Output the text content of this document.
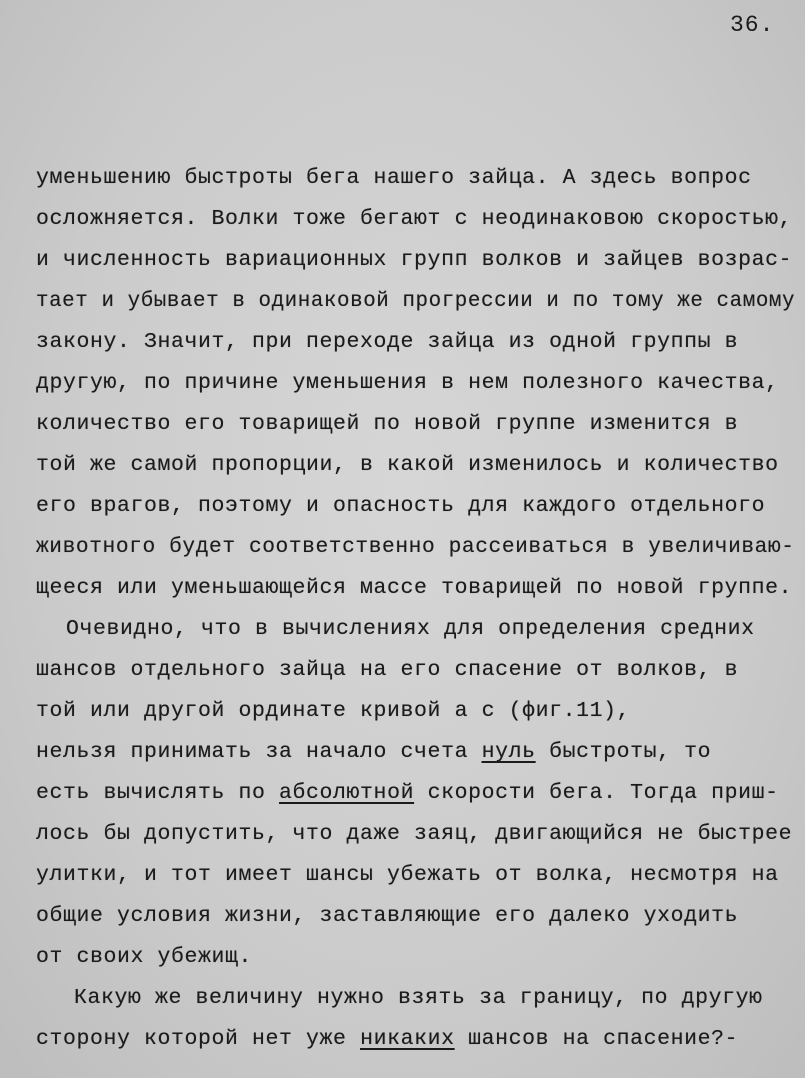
36.
уменьшению быстроты бега нашего зайца. А здесь вопрос
осложняется. Волки тоже бегают с неодинаковою скоростью,
и численность вариационных групп волков и зайцев возрас-
тает и убывает в одинаковой прогрессии и по тому же самому
закону. Значит, при переходе зайца из одной группы в
другую, по причине уменьшения в нем полезного качества,
количество его товарищей по новой группе изменится в
той же самой пропорции, в какой изменилось и количество
его врагов, поэтому и опасность для каждого отдельного
животного будет соответственно рассеиваться в увеличиваю-
щееся или уменьшающейся массе товарищей по новой группе.
Очевидно, что в вычислениях для определения средних
шансов отдельного зайца на его спасение от волков, в
той или другой ординате кривой а с (фиг.11),
нельзя принимать за начало счета нуль быстроты, то
есть вычислять по абсолютной скорости бега. Тогда приш-
лось бы допустить, что даже заяц, двигающийся не быстрее
улитки, и тот имеет шансы убежать от волка, несмотря на
общие условия жизни, заставляющие его далеко уходить
от своих убежищ.
Какую же величину нужно взять за границу, по другую
сторону которой нет уже никаких шансов на спасение?-
